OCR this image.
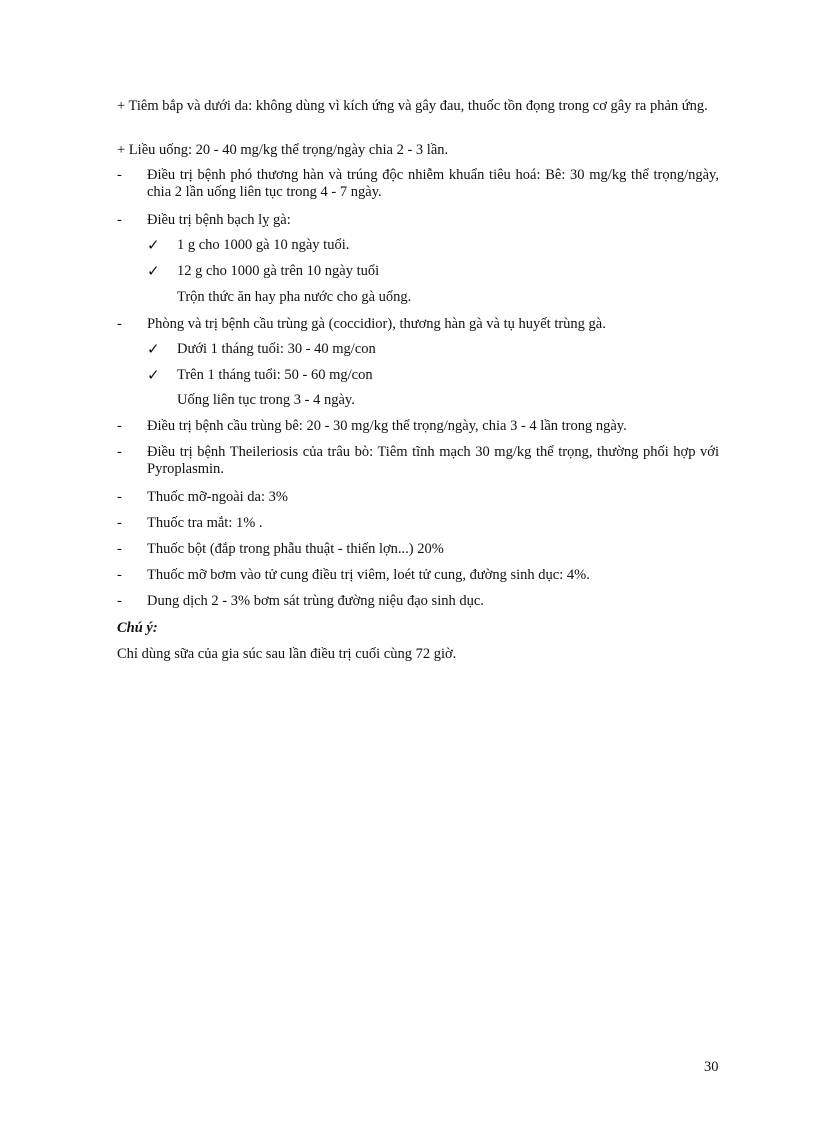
+ Tiêm bắp và dưới da: không dùng vì kích ứng và gây đau, thuốc tồn đọng trong cơ gây ra phản ứng.
+ Liều uống: 20 - 40 mg/kg thể trọng/ngày chia 2 - 3 lần.
-	Điều trị bệnh phó thương hàn và trúng độc nhiễm khuẩn tiêu hoá: Bê: 30 mg/kg thể trọng/ngày, chia 2 lần uống liên tục trong 4 - 7 ngày.
-	Điều trị bệnh bạch lỵ gà:
✓ 1 g cho 1000 gà 10 ngày tuổi.
✓ 12 g cho 1000 gà trên 10 ngày tuổi
Trộn thức ăn hay pha nước cho gà uống.
-	Phòng và trị bệnh cầu trùng gà (coccidior), thương hàn gà và tụ huyết trùng gà.
✓ Dưới 1 tháng tuổi: 30 - 40 mg/con
✓ Trên 1 tháng tuổi: 50 - 60 mg/con
Uống liên tục trong 3 - 4 ngày.
-	Điều trị bệnh cầu trùng bê: 20 - 30 mg/kg thể trọng/ngày, chia 3 - 4 lần trong ngày.
-	Điều trị bệnh Theileriosis của trâu bò: Tiêm tĩnh mạch 30 mg/kg thể trọng, thường phối hợp với Pyroplasmin.
-	Thuốc mỡ-ngoài da: 3%
-	Thuốc tra mắt: 1% .
-	Thuốc bột (đắp trong phẫu thuật - thiến lợn...) 20%
-	Thuốc mỡ bơm vào tử cung điều trị viêm, loét tử cung, đường sinh dục: 4%.
-	Dung dịch 2 - 3% bơm sát trùng đường niệu đạo sinh dục.
Chú ý:
Chỉ dùng sữa của gia súc sau lần điều trị cuối cùng 72 giờ.
30
